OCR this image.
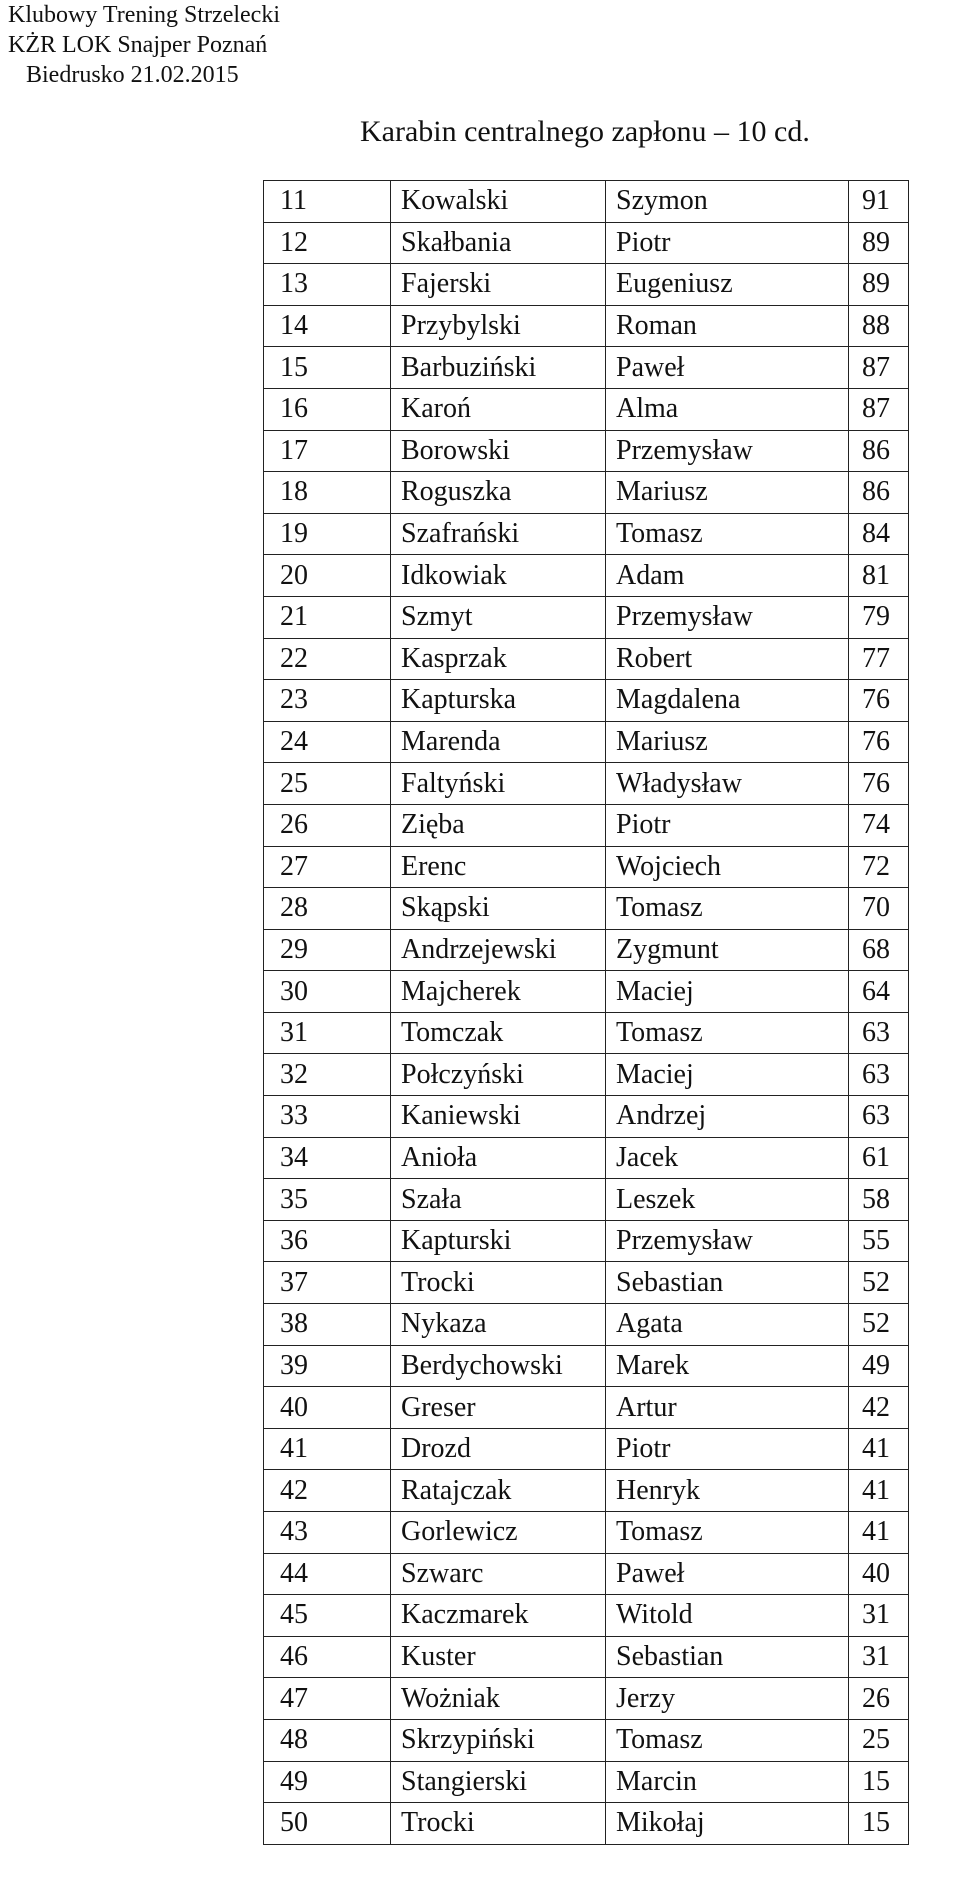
Klubowy Trening Strzelecki
KŻR LOK Snajper Poznań
Biedrusko 21.02.2015
Karabin centralnego zapłonu – 10 cd.
11	Kowalski	Szymon	91
12	Skałbania	Piotr	89
13	Fajerski	Eugeniusz	89
14	Przybylski	Roman	88
15	Barbuziński	Paweł	87
16	Karoń	Alma	87
17	Borowski	Przemysław	86
18	Roguszka	Mariusz	86
19	Szafrański	Tomasz	84
20	Idkowiak	Adam	81
21	Szmyt	Przemysław	79
22	Kasprzak	Robert	77
23	Kapturska	Magdalena	76
24	Marenda	Mariusz	76
25	Faltyński	Władysław	76
26	Zięba	Piotr	74
27	Erenc	Wojciech	72
28	Skąpski	Tomasz	70
29	Andrzejewski	Zygmunt	68
30	Majcherek	Maciej	64
31	Tomczak	Tomasz	63
32	Połczyński	Maciej	63
33	Kaniewski	Andrzej	63
34	Anioła	Jacek	61
35	Szała	Leszek	58
36	Kapturski	Przemysław	55
37	Trocki	Sebastian	52
38	Nykaza	Agata	52
39	Berdychowski	Marek	49
40	Greser	Artur	42
41	Drozd	Piotr	41
42	Ratajczak	Henryk	41
43	Gorlewicz	Tomasz	41
44	Szwarc	Paweł	40
45	Kaczmarek	Witold	31
46	Kuster	Sebastian	31
47	Wożniak	Jerzy	26
48	Skrzypiński	Tomasz	25
49	Stangierski	Marcin	15
50	Trocki	Mikołaj	15
